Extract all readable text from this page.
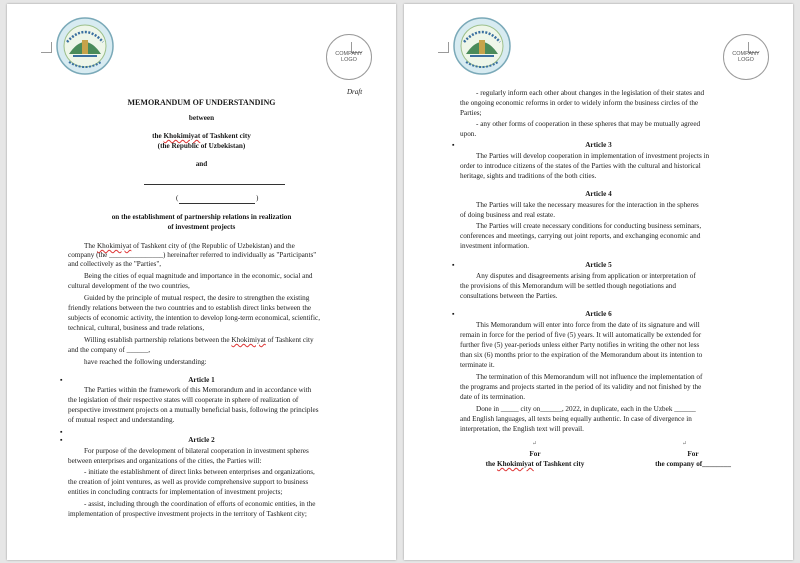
COMPANY
LOGO
Draft
MEMORANDUM OF UNDERSTANDING
between
the Khokimiyat of Tashkent city
(the Republic of Uzbekistan)
and
(	)
on the establishment of partnership relations in realization
of investment projects
The Khokimiyat of Tashkent city of (the Republic of Uzbekistan) and the
company (the _______________) hereinafter referred to individually as "Participants"
and collectively as the "Parties",
Being the cities of equal magnitude and importance in the economic, social and
cultural development of the two countries,
Guided by the principle of mutual respect, the desire to strengthen the existing
friendly relations between the two countries and to establish direct links between the
subjects of economic activity, the intention to develop long-term economical, scientific,
technical, cultural, business and trade relations,
Willing establish partnership relations between the Khokimiyat of Tashkent city
and the company of ______,
have reached the following understanding:
▪	Article 1
The Parties within the framework of this Memorandum and in accordance with
the legislation of their respective states will cooperate in sphere of realization of
perspective investment projects on a mutually beneficial basis, following the principles
of mutual respect and understanding.
▪
▪	Article 2
For purpose of the development of bilateral cooperation in investment spheres
between enterprises and organizations of the cities, the Parties will:
- initiate the establishment of direct links between enterprises and organizations,
the creation of joint ventures, as well as provide comprehensive support to business
entities in concluding contracts for implementation of investment projects;
- assist, including through the coordination of efforts of economic entities, in the
implementation of prospective investment projects in the territory of Tashkent city;
COMPANY
LOGO
- regularly inform each other about changes in the legislation of their states and
the ongoing economic reforms in order to widely inform the business circles of the
Parties;
- any other forms of cooperation in these spheres that may be mutually agreed
upon.
▪	Article 3
The Parties will develop cooperation in implementation of investment projects in
order to introduce citizens of the states of the Parties with the cultural and historical
heritage, sights and traditions of the both cities.
Article 4
The Parties will take the necessary measures for the interaction in the spheres
of doing business and real estate.
The Parties will create necessary conditions for conducting business seminars,
conferences and meetings, carrying out joint reports, and exchanging economic and
investment information.
▪	Article 5
Any disputes and disagreements arising from application or interpretation of
the provisions of this Memorandum will be settled though negotiations and
consultations between the Parties.
▪	Article 6
This Memorandum will enter into force from the date of its signature and will
remain in force for the period of five (5) years. It will automatically be extended for
further five (5) year-periods unless either Party notifies in writing the other not less
than six (6) months prior to the expiration of the Memorandum about its intention to
terminate it.
The termination of this Memorandum will not influence the implementation of
the programs and projects started in the period of its validity and not finished by the
date of its termination.
Done in _____ city on______, 2022, in duplicate, each in the Uzbek ______
and English languages, all texts being equally authentic. In case of divergence in
interpretation, the English text will prevail.
↵	↵
For	For
the Khokimiyat of Tashkent city	the company of________
